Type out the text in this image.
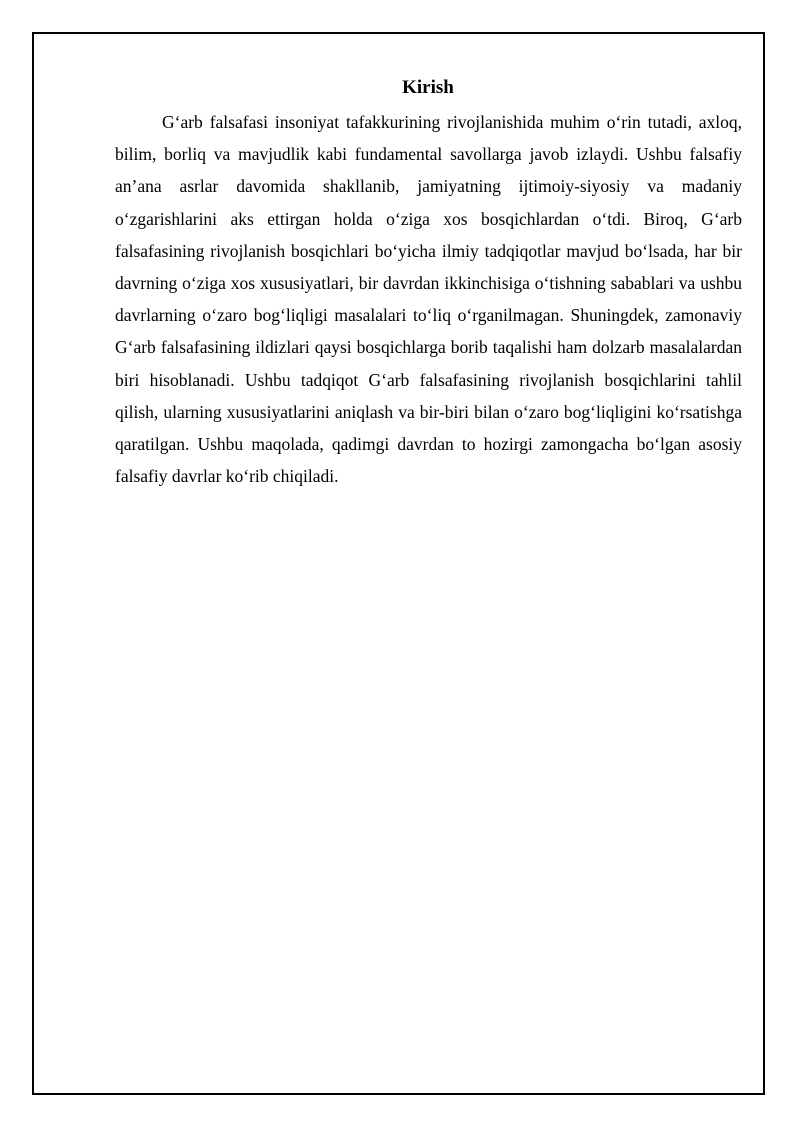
Kirish

G‘arb falsafasi insoniyat tafakkurining rivojlanishida muhim o‘rin tutadi, axloq, bilim, borliq va mavjudlik kabi fundamental savollarga javob izlaydi. Ushbu falsafiy an’ana asrlar davomida shakllanib, jamiyatning ijtimoiy-siyosiy va madaniy o‘zgarishlarini aks ettirgan holda o‘ziga xos bosqichlardan o‘tdi. Biroq, G‘arb falsafasining rivojlanish bosqichlari bo‘yicha ilmiy tadqiqotlar mavjud bo‘lsada, har bir davrning o‘ziga xos xususiyatlari, bir davrdan ikkinchisiga o‘tishning sabablari va ushbu davrlarning o‘zaro bog‘liqligi masalalari to‘liq o‘rganilmagan. Shuningdek, zamonaviy G‘arb falsafasining ildizlari qaysi bosqichlarga borib taqalishi ham dolzarb masalalardan biri hisoblanadi. Ushbu tadqiqot G‘arb falsafasining rivojlanish bosqichlarini tahlil qilish, ularning xususiyatlarini aniqlash va bir-biri bilan o‘zaro bog‘liqligini ko‘rsatishga qaratilgan. Ushbu maqolada, qadimgi davrdan to hozirgi zamongacha bo‘lgan asosiy falsafiy davrlar ko‘rib chiqiladi.
